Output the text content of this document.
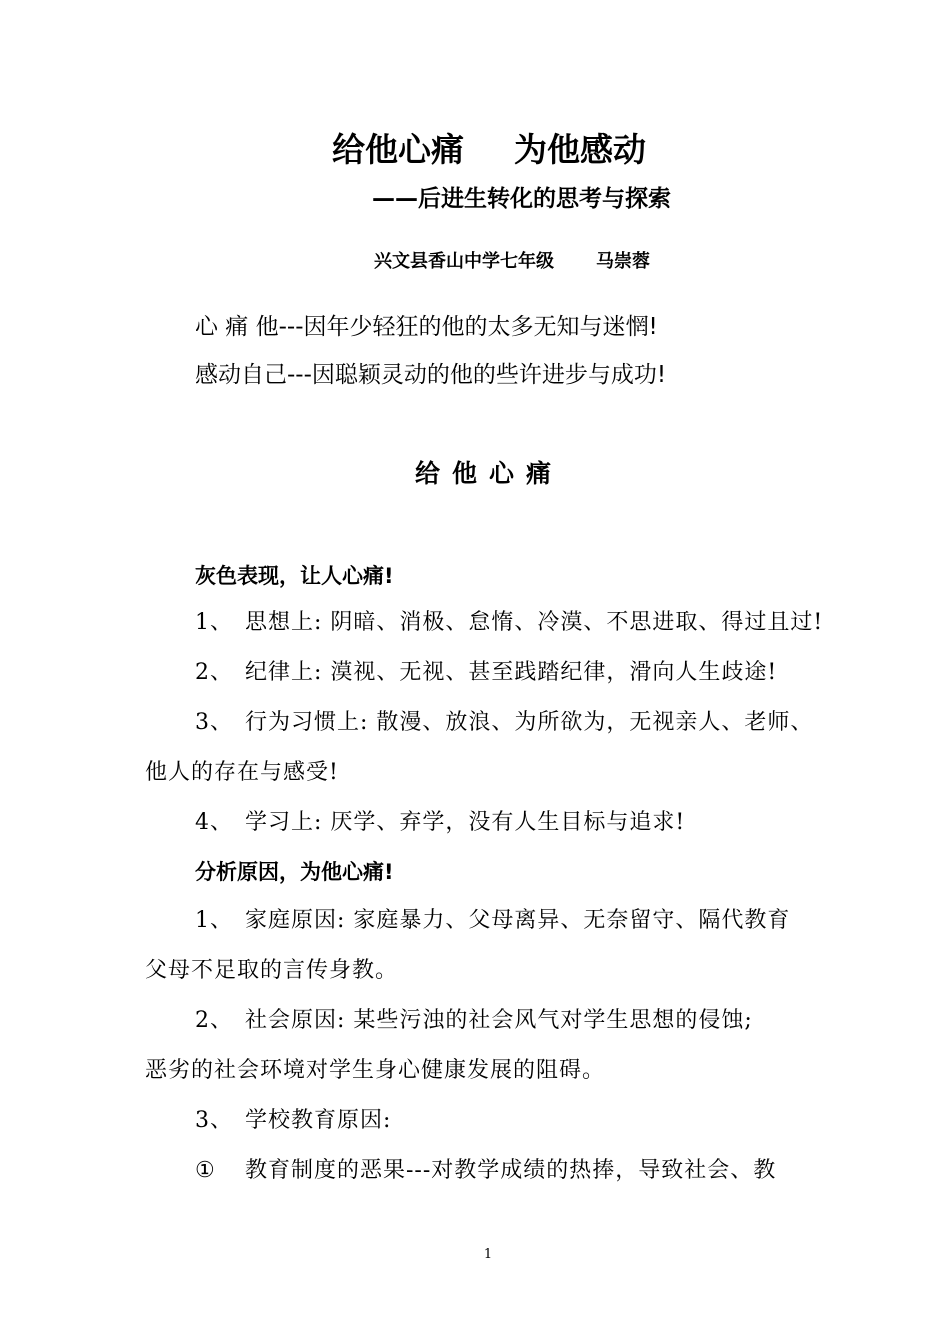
给他心痛 为他感动
——后进生转化的思考与探索
兴文县香山中学七年级 马崇蓉
心 痛 他---因年少轻狂的他的太多无知与迷惘!
感动自己---因聪颖灵动的他的些许进步与成功!
给他心痛
灰色表现，让人心痛!
1、 思想上: 阴暗、消极、怠惰、冷漠、不思进取、得过且过!
2、 纪律上: 漠视、无视、甚至践踏纪律，滑向人生歧途!
3、 行为习惯上: 散漫、放浪、为所欲为，无视亲人、老师、
他人的存在与感受!
4、 学习上: 厌学、弃学，没有人生目标与追求!
分析原因，为他心痛!
1、 家庭原因: 家庭暴力、父母离异、无奈留守、隔代教育
父母不足取的言传身教。
2、 社会原因: 某些污浊的社会风气对学生思想的侵蚀;
恶劣的社会环境对学生身心健康发展的阻碍。
3、 学校教育原因:
① 教育制度的恶果---对教学成绩的热捧，导致社会、教
1
